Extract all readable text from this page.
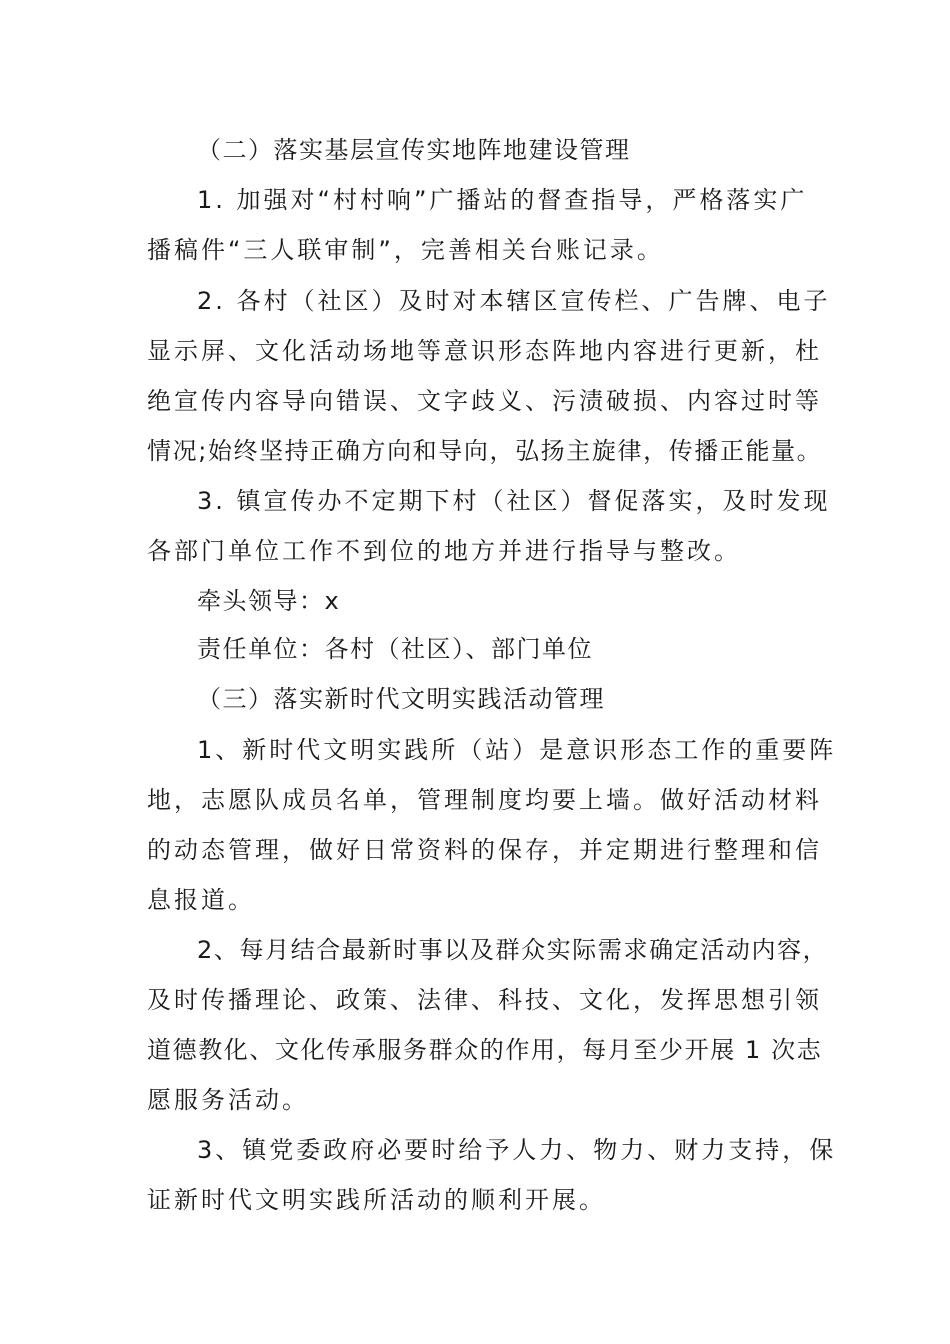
（二）落实基层宣传实地阵地建设管理
1. 加强对“村村响”广播站的督查指导，严格落实广
播稿件“三人联审制”，完善相关台账记录。
2. 各村（社区）及时对本辖区宣传栏、广告牌、电子
显示屏、文化活动场地等意识形态阵地内容进行更新，杜
绝宣传内容导向错误、文字歧义、污渍破损、内容过时等
情况;始终坚持正确方向和导向，弘扬主旋律，传播正能量。
3. 镇宣传办不定期下村（社区）督促落实，及时发现
各部门单位工作不到位的地方并进行指导与整改。
牵头领导：x
责任单位：各村（社区）、部门单位
（三）落实新时代文明实践活动管理
1、新时代文明实践所（站）是意识形态工作的重要阵
地，志愿队成员名单，管理制度均要上墙。做好活动材料
的动态管理，做好日常资料的保存，并定期进行整理和信
息报道。
2、每月结合最新时事以及群众实际需求确定活动内容，
及时传播理论、政策、法律、科技、文化，发挥思想引领
道德教化、文化传承服务群众的作用，每月至少开展 1 次志
愿服务活动。
3、镇党委政府必要时给予人力、物力、财力支持，保
证新时代文明实践所活动的顺利开展。
